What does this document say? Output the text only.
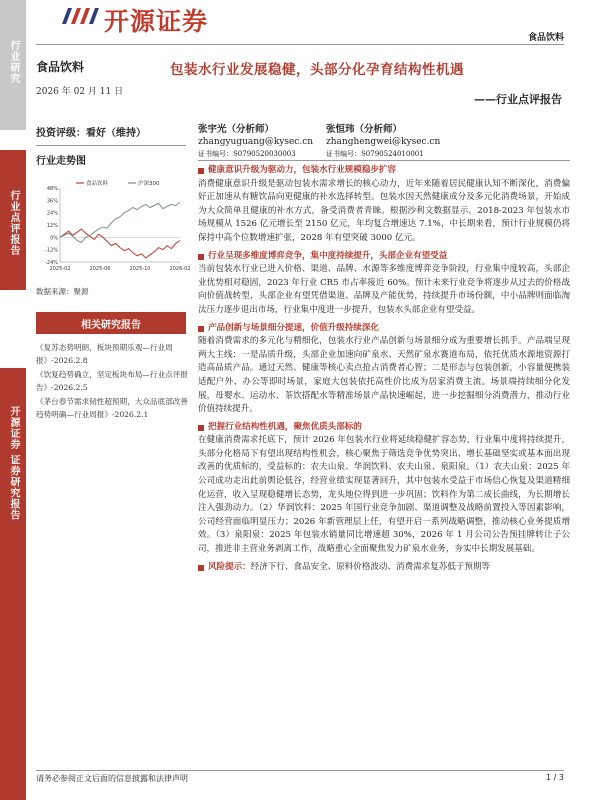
行业研究
行业点评报告
开源证券 证券研究报告
开源证券
食品饮料
食品饮料
2026 年 02 月 11 日
包装水行业发展稳健，头部分化孕育结构性机遇
——行业点评报告
投资评级：看好（维持）	张宇光（分析师）
zhangyuguang@kysec.cn
证书编号：S0790520030003
张恒玮（分析师）
zhanghengwei@kysec.cn
证书编号：S0790524010001
行业走势图
48%
36%
24%
12%
0%
-12%
-24%
2025-02	2025-06	2025-10	2026-02
食品饮料	沪深300
数据来源：聚源
相关研究报告
《复苏态势明朗，板块预期乐观—行业周报》-2026.2.8
《饮复趋势确立，坚定板块布局—行业点评报告》-2026.2.5
《茅台春节需求韧性超预期，大众品底部改善趋势明确—行业周报》-2026.2.1
健康意识升级为驱动力，包装水行业规模稳步扩容
消费健康意识升级是驱动包装水需求增长的核心动力，近年来随着居民健康认知不断深化，消费偏好正加速从有糖饮品向更健康的补水选择转型。包装水因天然健康成分及多元化消费场景，开始成为大众简单且健康的补水方式，备受消费者青睐。根据沙利文数据显示，2018-2023 年包装水市场规模从 1526 亿元增长至 2150 亿元，年均复合增速达 7.1%，中长期来看，预计行业规模仍将保持中高个位数增速扩张，2028 年有望突破 3000 亿元。
行业呈现多维度博弈竞争，集中度持续提升，头部企业有望受益
当前包装水行业已进入价格、渠道、品牌、水源等多维度博弈竞争阶段，行业集中度较高，头部企业优势相对稳固，2023 年行业 CR5 市占率接近 60%。预计未来行业竞争将逐步从过去的价格战向价值战转型，头部企业有望凭借渠道、品牌及产能优势，持续提升市场份额，中小品牌则面临淘汰压力逐步退出市场，行业集中度进一步提升，包装水头部企业有望受益。
产品创新与场景细分提速，价值升级持续深化
随着消费需求的多元化与精细化，包装水行业产品创新与场景细分成为重要增长抓手。产品端呈现两大主线：一是品质升级，头部企业加速向矿泉水、天然矿泉水赛道布局，依托优质水源地资源打造高品质产品。通过天然、健康等核心卖点抢占消费者心智；二是形态与包装创新，小容量便携装适配户外、办公等即时场景，家庭大包装依托高性价比成为居家消费主流。场景端持续细分化发展，母婴水、运动水、茶饮搭配水等精准场景产品快速崛起，进一步挖掘细分消费潜力，推动行业价值持续提升。
把握行业结构性机遇，聚焦优质头部标的
在健康消费需求托底下，预计 2026 年包装水行业将延续稳健扩容态势，行业集中度将持续提升，头部分化格局下有望出现结构性机会，核心聚焦于筛选竞争优势突出、增长基础坚实或基本面出现改善的优质标的，受益标的：农夫山泉、华润饮料、农夫山泉、泉阳泉。（1）农夫山泉：2025 年公司成功走出此前舆论低谷，经营业绩实现显著回升，其中包装水受益于市场信心恢复及渠道精细化运营，收入呈现稳健增长态势，龙头地位得到进一步巩固；饮料作为第二成长曲线，为长期增长注入强劲动力。（2）华润饮料：2025 年国行业竞争加剧、渠道调整及战略前置投入等因素影响，公司经营面临明显压力；2026 年新管理层上任，有望开启一系列战略调整，推动核心业务提质增效。（3）泉阳泉：2025 年包装水销量同比增速超 30%，2026 年 1 月公司公告预挂牌转让子公司，推进非主营业务剥离工作，战略重心全面聚焦发力矿泉水业务，夯实中长期发展基础。
风险提示： 经济下行、食品安全、原料价格波动、消费需求复苏低于预期等
请务必参阅正文后面的信息披露和法律声明	1 / 3
